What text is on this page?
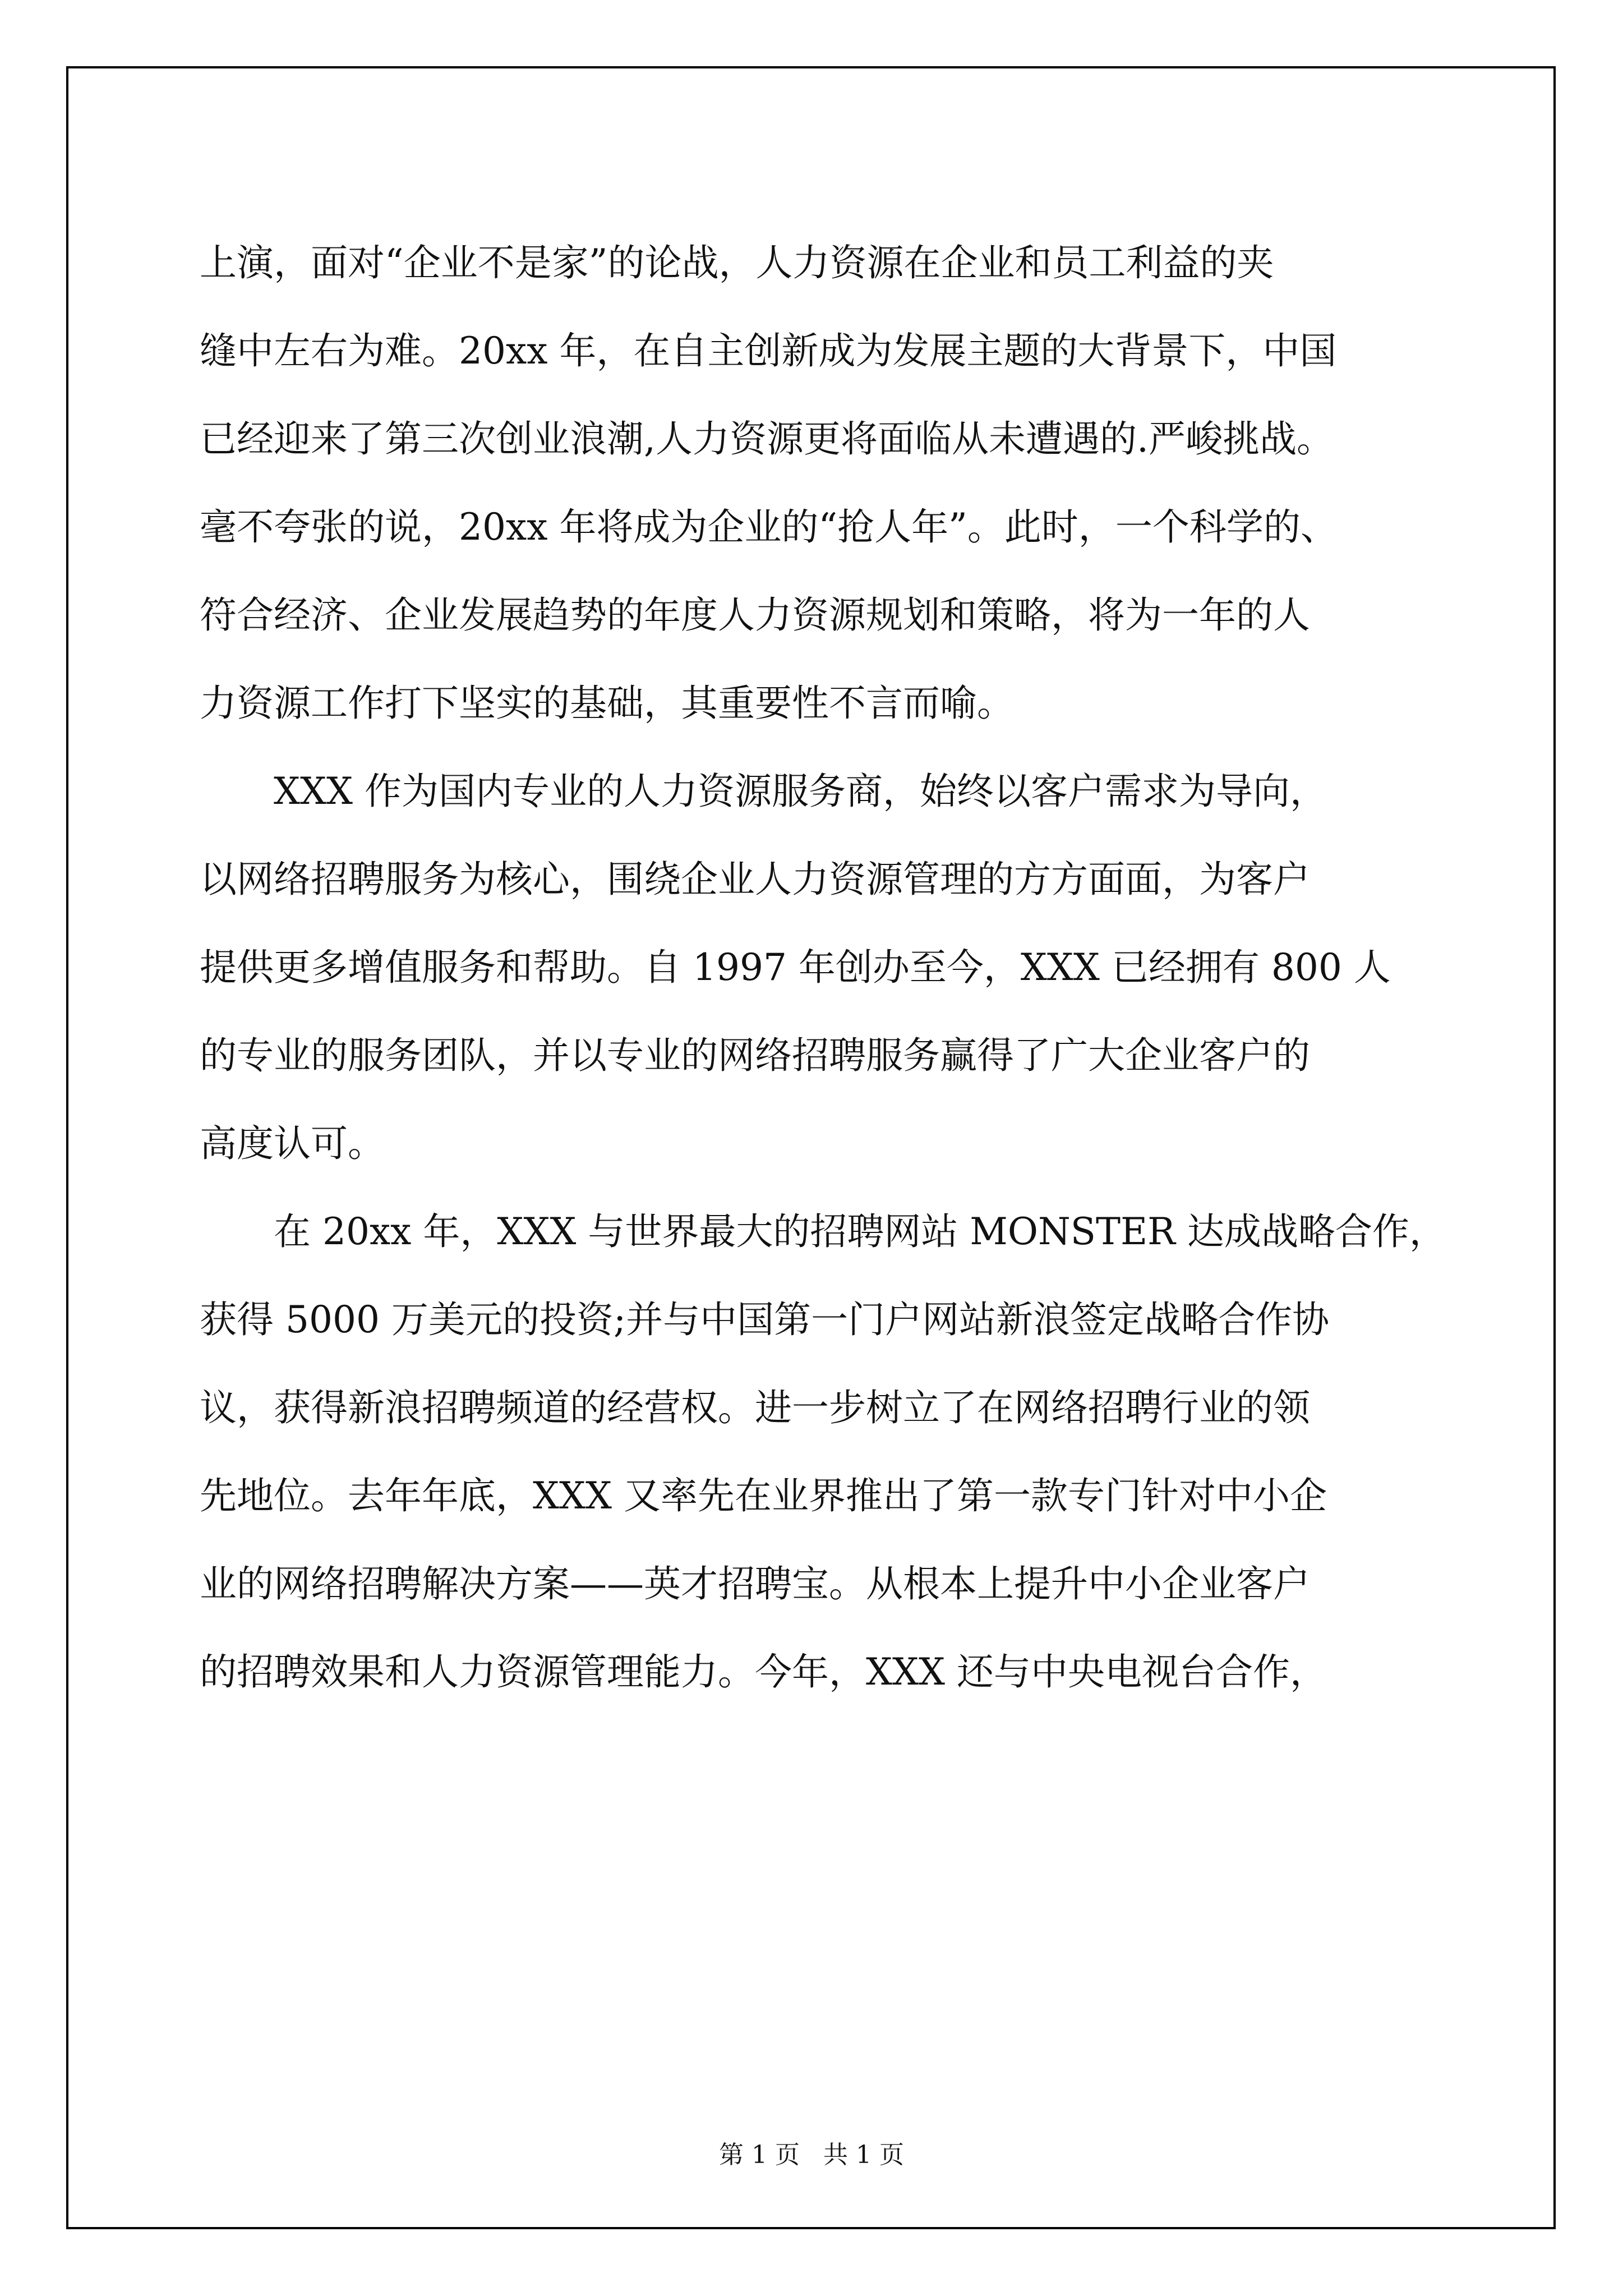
上演，面对“企业不是家”的论战，人力资源在企业和员工利益的夹
缝中左右为难。20xx 年，在自主创新成为发展主题的大背景下，中国
已经迎来了第三次创业浪潮,人力资源更将面临从未遭遇的.严峻挑战。
毫不夸张的说，20xx 年将成为企业的“抢人年”。此时，一个科学的、
符合经济、企业发展趋势的年度人力资源规划和策略，将为一年的人
力资源工作打下坚实的基础，其重要性不言而喻。
XXX 作为国内专业的人力资源服务商，始终以客户需求为导向，
以网络招聘服务为核心，围绕企业人力资源管理的方方面面，为客户
提供更多增值服务和帮助。自 1997 年创办至今，XXX 已经拥有 800 人
的专业的服务团队，并以专业的网络招聘服务赢得了广大企业客户的
高度认可。
在 20xx 年，XXX 与世界最大的招聘网站 MONSTER 达成战略合作，
获得 5000 万美元的投资;并与中国第一门户网站新浪签定战略合作协
议，获得新浪招聘频道的经营权。进一步树立了在网络招聘行业的领
先地位。去年年底，XXX 又率先在业界推出了第一款专门针对中小企
业的网络招聘解决方案——英才招聘宝。从根本上提升中小企业客户
的招聘效果和人力资源管理能力。今年，XXX 还与中央电视台合作，
第 1 页   共 1 页
